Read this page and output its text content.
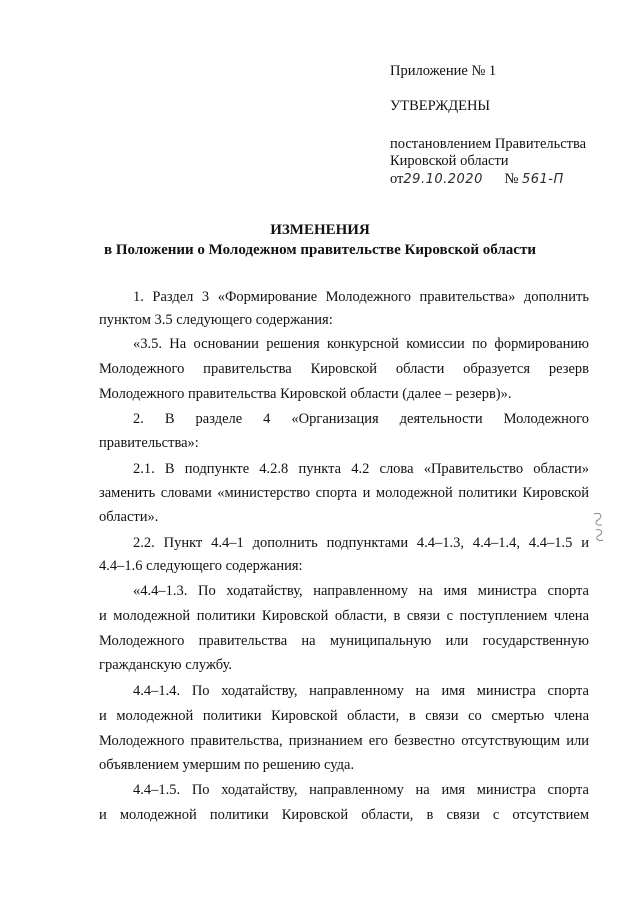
Приложение № 1
УТВЕРЖДЕНЫ
постановлением Правительства
Кировской области
от29.10.2020 № 561-П
ИЗМЕНЕНИЯ
в Положении о Молодежном правительстве Кировской области
1. Раздел 3 «Формирование Молодежного правительства» дополнить
пунктом 3.5 следующего содержания:
«3.5. На основании решения конкурсной комиссии по формированию
Молодежного правительства Кировской области образуется резерв
Молодежного правительства Кировской области (далее – резерв)».
2. В разделе 4 «Организация деятельности Молодежного
правительства»:
2.1. В подпункте 4.2.8 пункта 4.2 слова «Правительство области»
заменить словами «министерство спорта и молодежной политики Кировской
области».
2.2. Пункт 4.4–1 дополнить подпунктами 4.4–1.3, 4.4–1.4, 4.4–1.5 и
4.4–1.6 следующего содержания:
«4.4–1.3. По ходатайству, направленному на имя министра спорта
и молодежной политики Кировской области, в связи с поступлением члена
Молодежного правительства на муниципальную или государственную
гражданскую службу.
4.4–1.4. По ходатайству, направленному на имя министра спорта
и молодежной политики Кировской области, в связи со смертью члена
Молодежного правительства, признанием его безвестно отсутствующим или
объявлением умершим по решению суда.
4.4–1.5. По ходатайству, направленному на имя министра спорта
и молодежной политики Кировской области, в связи с отсутствием
